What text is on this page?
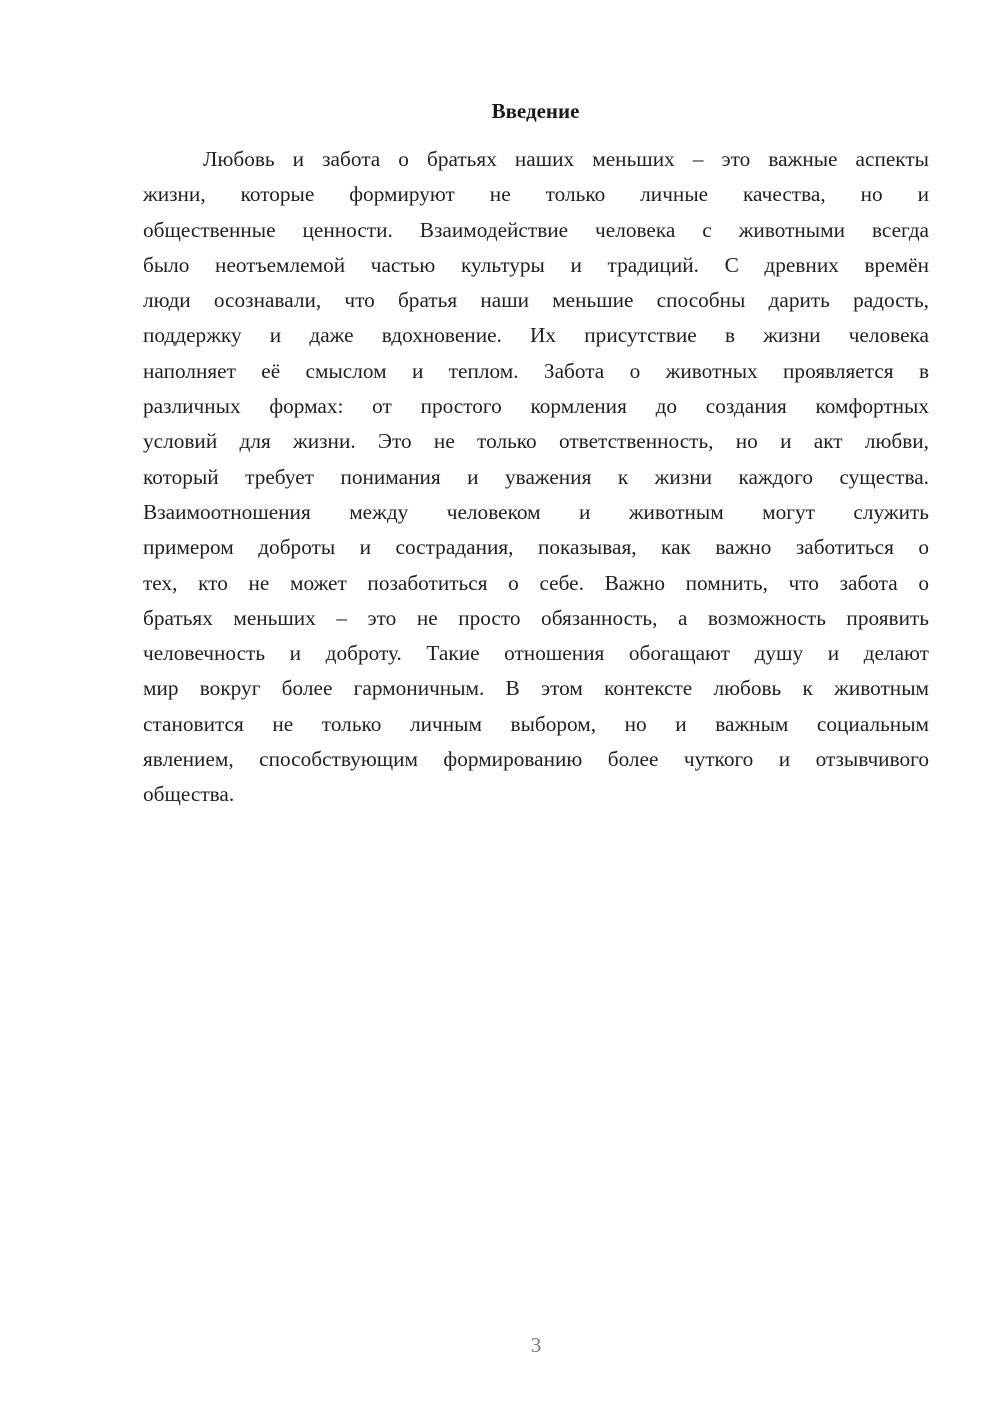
Введение
Любовь и забота о братьях наших меньших – это важные аспекты
жизни, которые формируют не только личные качества, но и
общественные ценности. Взаимодействие человека с животными всегда
было неотъемлемой частью культуры и традиций. С древних времён
люди осознавали, что братья наши меньшие способны дарить радость,
поддержку и даже вдохновение. Их присутствие в жизни человека
наполняет её смыслом и теплом. Забота о животных проявляется в
различных формах: от простого кормления до создания комфортных
условий для жизни. Это не только ответственность, но и акт любви,
который требует понимания и уважения к жизни каждого существа.
Взаимоотношения между человеком и животным могут служить
примером доброты и сострадания, показывая, как важно заботиться о
тех, кто не может позаботиться о себе. Важно помнить, что забота о
братьях меньших – это не просто обязанность, а возможность проявить
человечность и доброту. Такие отношения обогащают душу и делают
мир вокруг более гармоничным. В этом контексте любовь к животным
становится не только личным выбором, но и важным социальным
явлением, способствующим формированию более чуткого и отзывчивого
общества.
3
